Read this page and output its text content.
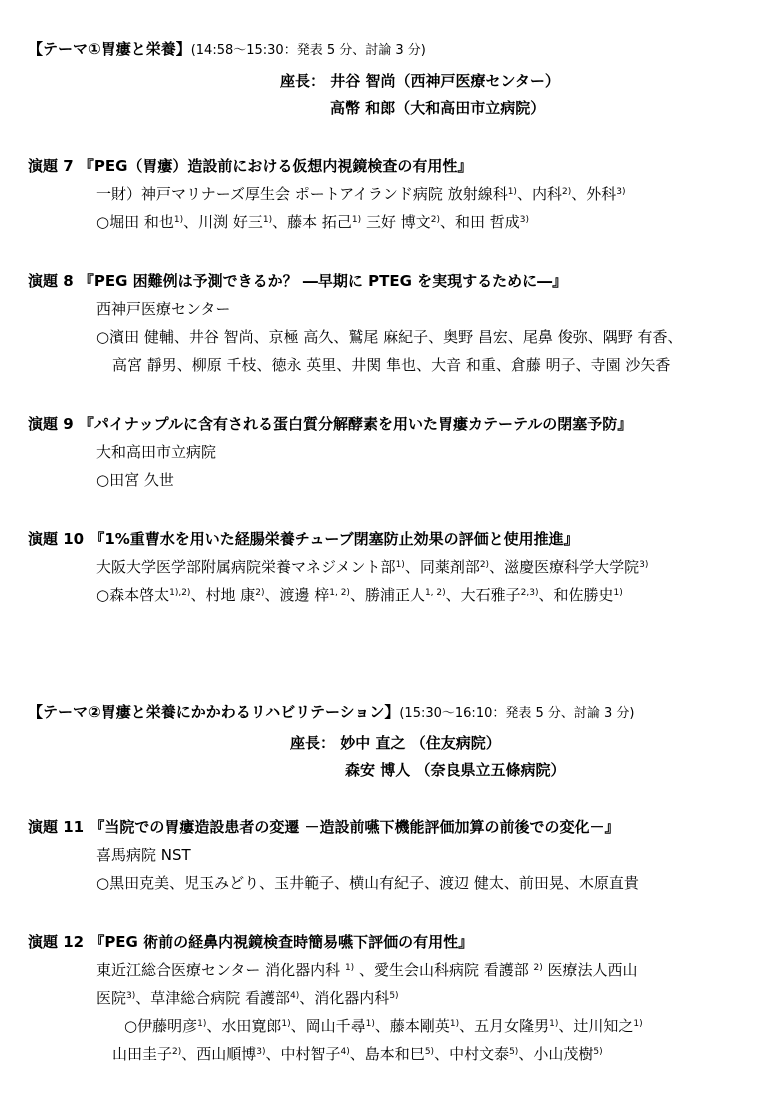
【テーマ①胃瘻と栄養】(14:58～15:30：発表 5 分、討論 3 分)
座長： 井谷 智尚（西神戸医療センター）
高幣 和郎（大和高田市立病院）
演題 7 『PEG（胃瘻）造設前における仮想内視鏡検査の有用性』
一財）神戸マリナーズ厚生会 ポートアイランド病院 放射線科$^{1)}$、内科$^{2)}$、外科$^{3)}$
○堀田 和也$^{1)}$、川渕 好三$^{1)}$、藤本 拓己$^{1)}$ 三好 博文$^{2)}$、和田 哲成$^{3)}$
演題 8 『PEG 困難例は予測できるか？ ―早期に PTEG を実現するために―』
西神戸医療センター
○濱田 健輔、井谷 智尚、京極 高久、鷲尾 麻紀子、奥野 昌宏、尾鼻 俊弥、隅野 有香、
高宮 靜男、柳原 千枝、徳永 英里、井関 隼也、大音 和重、倉藤 明子、寺園 沙矢香
演題 9 『パイナップルに含有される蛋白質分解酵素を用いた胃瘻カテーテルの閉塞予防』
大和高田市立病院
○田宮 久世
演題 10 『1%重曹水を用いた経腸栄養チューブ閉塞防止効果の評価と使用推進』
大阪大学医学部附属病院栄養マネジメント部$^{1)}$、同薬剤部$^{2)}$、滋慶医療科学大学院$^{3)}$
○森本啓太$^{1),2)}$、村地 康$^{2)}$、渡邊 梓$^{1, 2)}$、勝浦正人$^{1, 2)}$、大石雅子$^{2,3)}$、和佐勝史$^{1)}$
【テーマ②胃瘻と栄養にかかわるリハビリテーション】(15:30～16:10：発表 5 分、討論 3 分)
座長： 妙中 直之 （住友病院）
森安 博人 （奈良県立五條病院）
演題 11 『当院での胃瘻造設患者の変遷 －造設前嚥下機能評価加算の前後での変化－』
喜馬病院 NST
○黒田克美、児玉みどり、玉井範子、横山有紀子、渡辺 健太、前田晃、木原直貴
演題 12 『PEG 術前の経鼻内視鏡検査時簡易嚥下評価の有用性』
東近江総合医療センター 消化器内科 $^{1)}$ 、愛生会山科病院 看護部 $^{2)}$ 医療法人西山
医院$^{3)}$、草津総合病院 看護部$^{4)}$、消化器内科$^{5)}$
○伊藤明彦$^{1)}$、水田寛郎$^{1)}$、岡山千尋$^{1)}$、藤本剛英$^{1)}$、五月女隆男$^{1)}$、辻川知之$^{1)}$
山田圭子$^{2)}$、西山順博$^{3)}$、中村智子$^{4)}$、島本和巳$^{5)}$、中村文泰$^{5)}$、小山茂樹$^{5)}$
